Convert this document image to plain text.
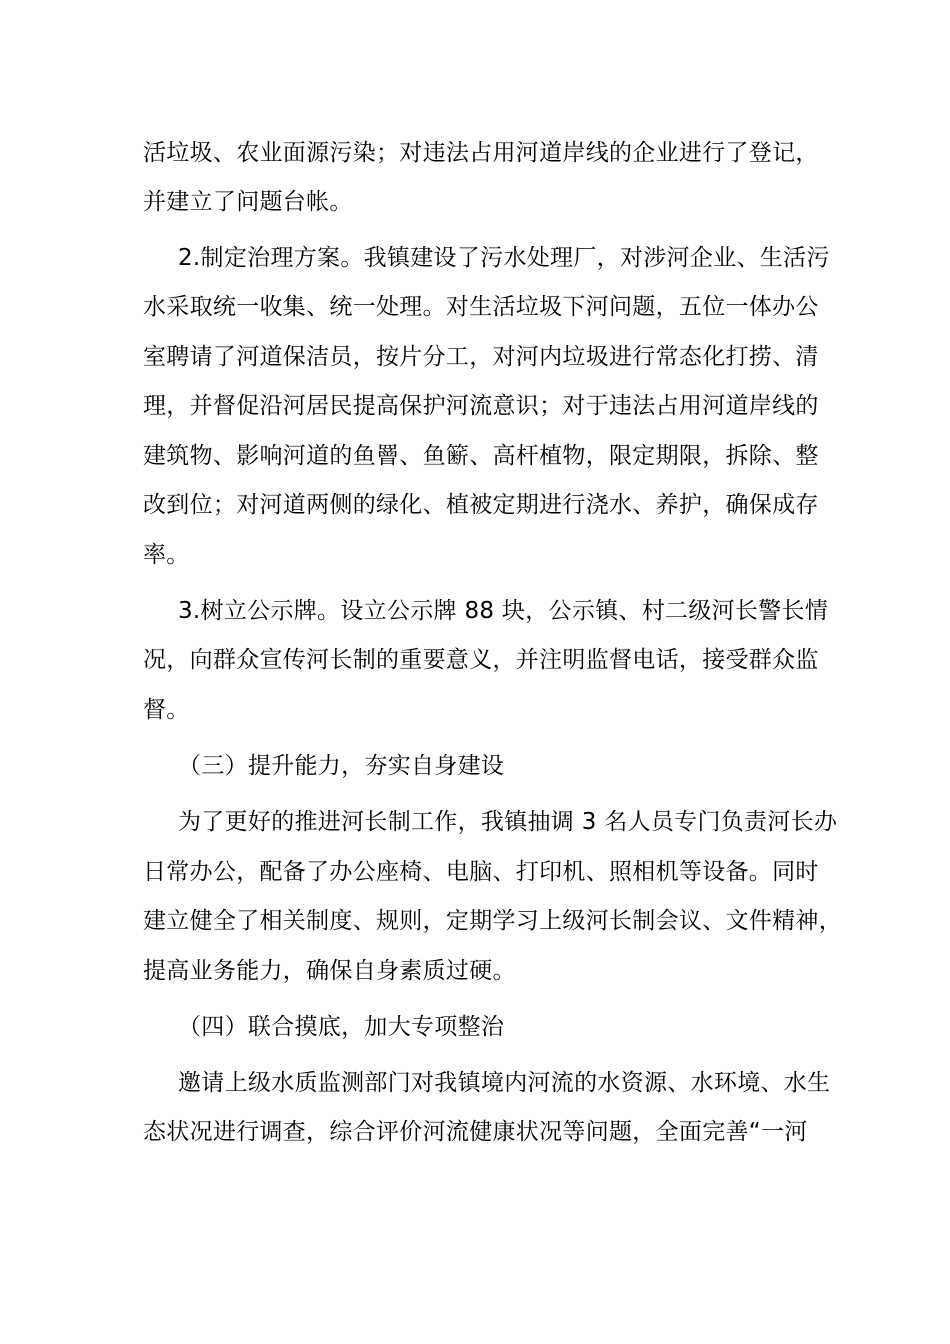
活垃圾、农业面源污染；对违法占用河道岸线的企业进行了登记，
并建立了问题台帐。
2.制定治理方案。我镇建设了污水处理厂，对涉河企业、生活污
水采取统一收集、统一处理。对生活垃圾下河问题，五位一体办公
室聘请了河道保洁员，按片分工，对河内垃圾进行常态化打捞、清
理，并督促沿河居民提高保护河流意识；对于违法占用河道岸线的
建筑物、影响河道的鱼罾、鱼簖、高杆植物，限定期限，拆除、整
改到位；对河道两侧的绿化、植被定期进行浇水、养护，确保成存
率。
3.树立公示牌。设立公示牌 88 块，公示镇、村二级河长警长情
况，向群众宣传河长制的重要意义，并注明监督电话，接受群众监
督。
（三）提升能力，夯实自身建设
为了更好的推进河长制工作，我镇抽调 3 名人员专门负责河长办
日常办公，配备了办公座椅、电脑、打印机、照相机等设备。同时
建立健全了相关制度、规则，定期学习上级河长制会议、文件精神，
提高业务能力，确保自身素质过硬。
（四）联合摸底，加大专项整治
邀请上级水质监测部门对我镇境内河流的水资源、水环境、水生
态状况进行调查，综合评价河流健康状况等问题，全面完善“一河
